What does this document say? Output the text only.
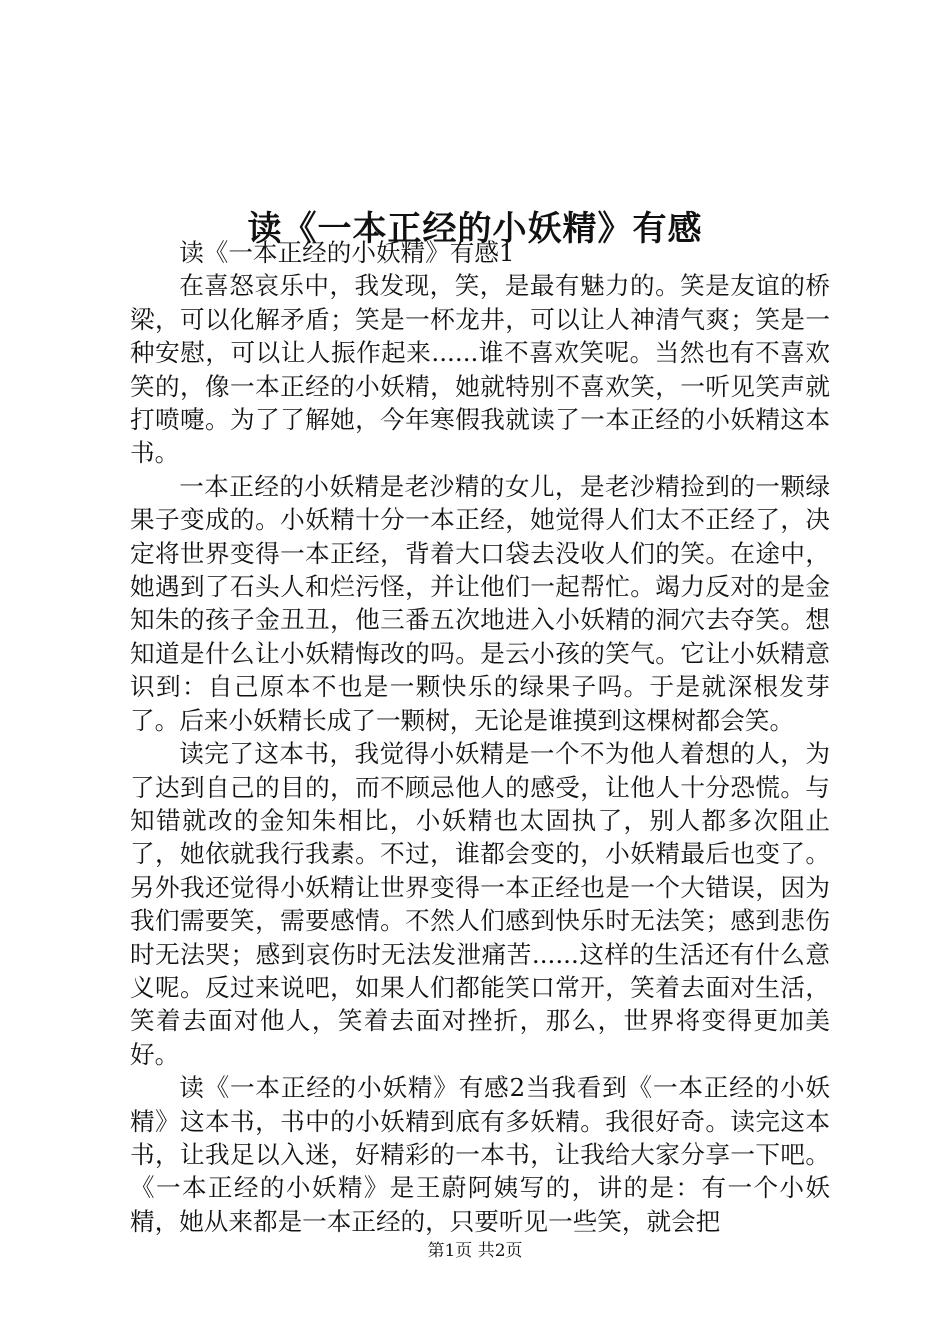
读《一本正经的小妖精》有感

读《一本正经的小妖精》有感1

在喜怒哀乐中，我发现，笑，是最有魅力的。笑是友谊的桥梁，可以化解矛盾；笑是一杯龙井，可以让人神清气爽；笑是一种安慰，可以让人振作起来......谁不喜欢笑呢。当然也有不喜欢笑的，像一本正经的小妖精，她就特别不喜欢笑，一听见笑声就打喷嚏。为了了解她，今年寒假我就读了一本正经的小妖精这本书。

一本正经的小妖精是老沙精的女儿，是老沙精捡到的一颗绿果子变成的。小妖精十分一本正经，她觉得人们太不正经了，决定将世界变得一本正经，背着大口袋去没收人们的笑。在途中，她遇到了石头人和烂污怪，并让他们一起帮忙。竭力反对的是金知朱的孩子金丑丑，他三番五次地进入小妖精的洞穴去夺笑。想知道是什么让小妖精悔改的吗。是云小孩的笑气。它让小妖精意识到：自己原本不也是一颗快乐的绿果子吗。于是就深根发芽了。后来小妖精长成了一颗树，无论是谁摸到这棵树都会笑。

读完了这本书，我觉得小妖精是一个不为他人着想的人，为了达到自己的目的，而不顾忌他人的感受，让他人十分恐慌。与知错就改的金知朱相比，小妖精也太固执了，别人都多次阻止了，她依就我行我素。不过，谁都会变的，小妖精最后也变了。另外我还觉得小妖精让世界变得一本正经也是一个大错误，因为我们需要笑，需要感情。不然人们感到快乐时无法笑；感到悲伤时无法哭；感到哀伤时无法发泄痛苦......这样的生活还有什么意义呢。反过来说吧，如果人们都能笑口常开，笑着去面对生活，笑着去面对他人，笑着去面对挫折，那么，世界将变得更加美好。

读《一本正经的小妖精》有感2当我看到《一本正经的小妖精》这本书，书中的小妖精到底有多妖精。我很好奇。读完这本书，让我足以入迷，好精彩的一本书，让我给大家分享一下吧。《一本正经的小妖精》是王蔚阿姨写的，讲的是：有一个小妖精，她从来都是一本正经的，只要听见一些笑，就会把

第1页 共2页
